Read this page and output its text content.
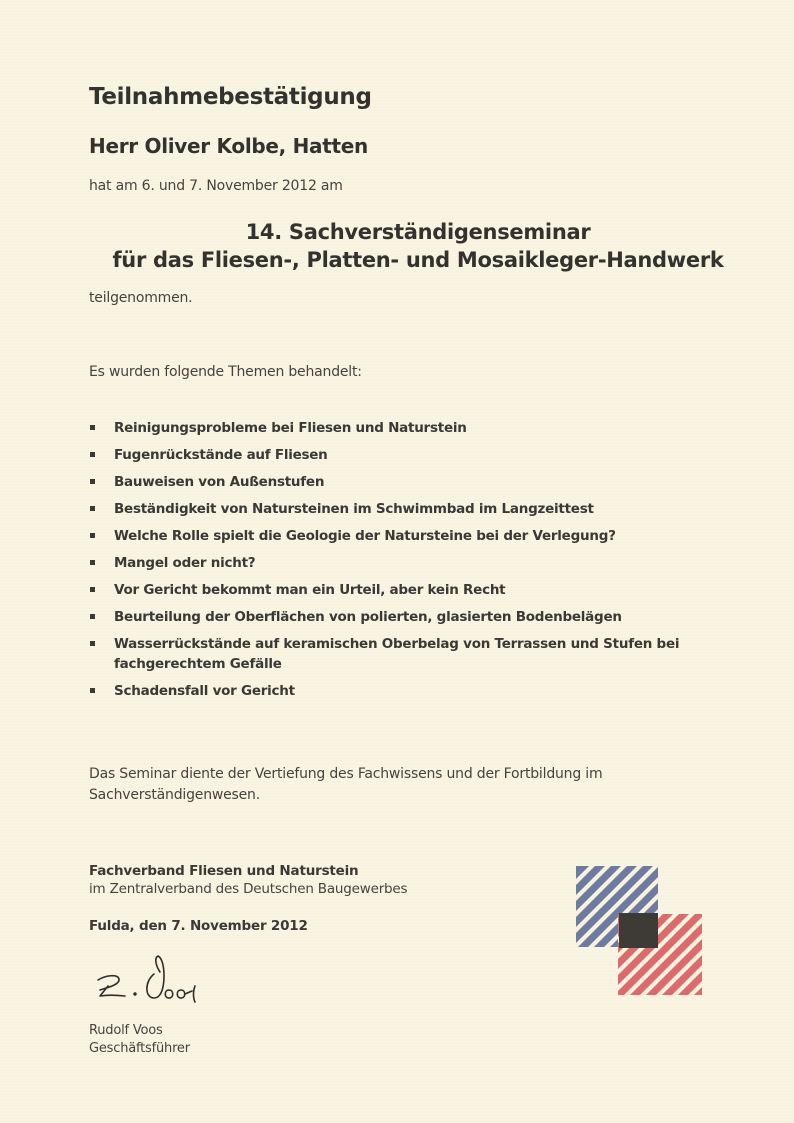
Teilnahmebestätigung
Herr Oliver Kolbe, Hatten
hat am 6. und 7. November 2012 am
14. Sachverständigenseminar
für das Fliesen-, Platten- und Mosaikleger-Handwerk
teilgenommen.
Es wurden folgende Themen behandelt:
Reinigungsprobleme bei Fliesen und Naturstein
Fugenrückstände auf Fliesen
Bauweisen von Außenstufen
Beständigkeit von Natursteinen im Schwimmbad im Langzeittest
Welche Rolle spielt die Geologie der Natursteine bei der Verlegung?
Mangel oder nicht?
Vor Gericht bekommt man ein Urteil, aber kein Recht
Beurteilung der Oberflächen von polierten, glasierten Bodenbelägen
Wasserrückstände auf keramischen Oberbelag von Terrassen und Stufen bei fachgerechtem Gefälle
Schadensfall vor Gericht
Das Seminar diente der Vertiefung des Fachwissens und der Fortbildung im Sachverständigenwesen.
Fachverband Fliesen und Naturstein
im Zentralverband des Deutschen Baugewerbes
Fulda, den 7. November 2012
Rudolf Voos
Geschäftsführer
